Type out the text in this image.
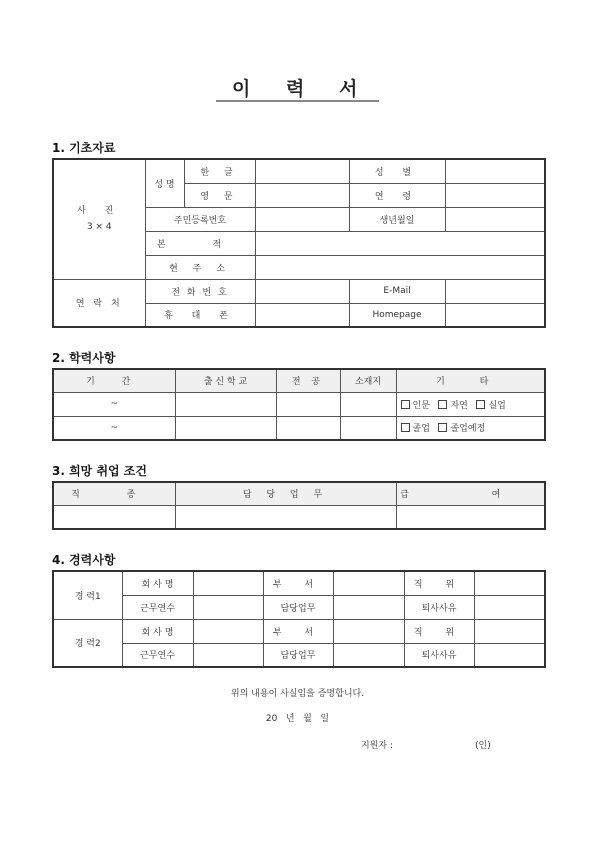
이 력 서
1. 기초자료
사 진
3 × 4	성 명	한 글		성 별	
		영 문		연 령	
	주민등록번호			생년월일	
	본 적				
	현 주 소				
연 락 처	전 화 번 호			E-Mail	
	휴 대 폰			Homepage	
2. 학력사항
기 간	출 신 학 교	전 공	소재지	기 타
~				인문 자연 실업
~				졸업 졸업예정
3. 희망 취업 조건
직 종	담 당 업 무	급 여

4. 경력사항
경 력1	회 사 명		부 서		직 위	
	근무연수		담당업무		퇴사사유	
경 력2	회 사 명		부 서		직 위	
	근무연수		담당업무		퇴사사유	
위의 내용이 사실임을 증명합니다.
20   년   월   일
지원자 :	(인)
